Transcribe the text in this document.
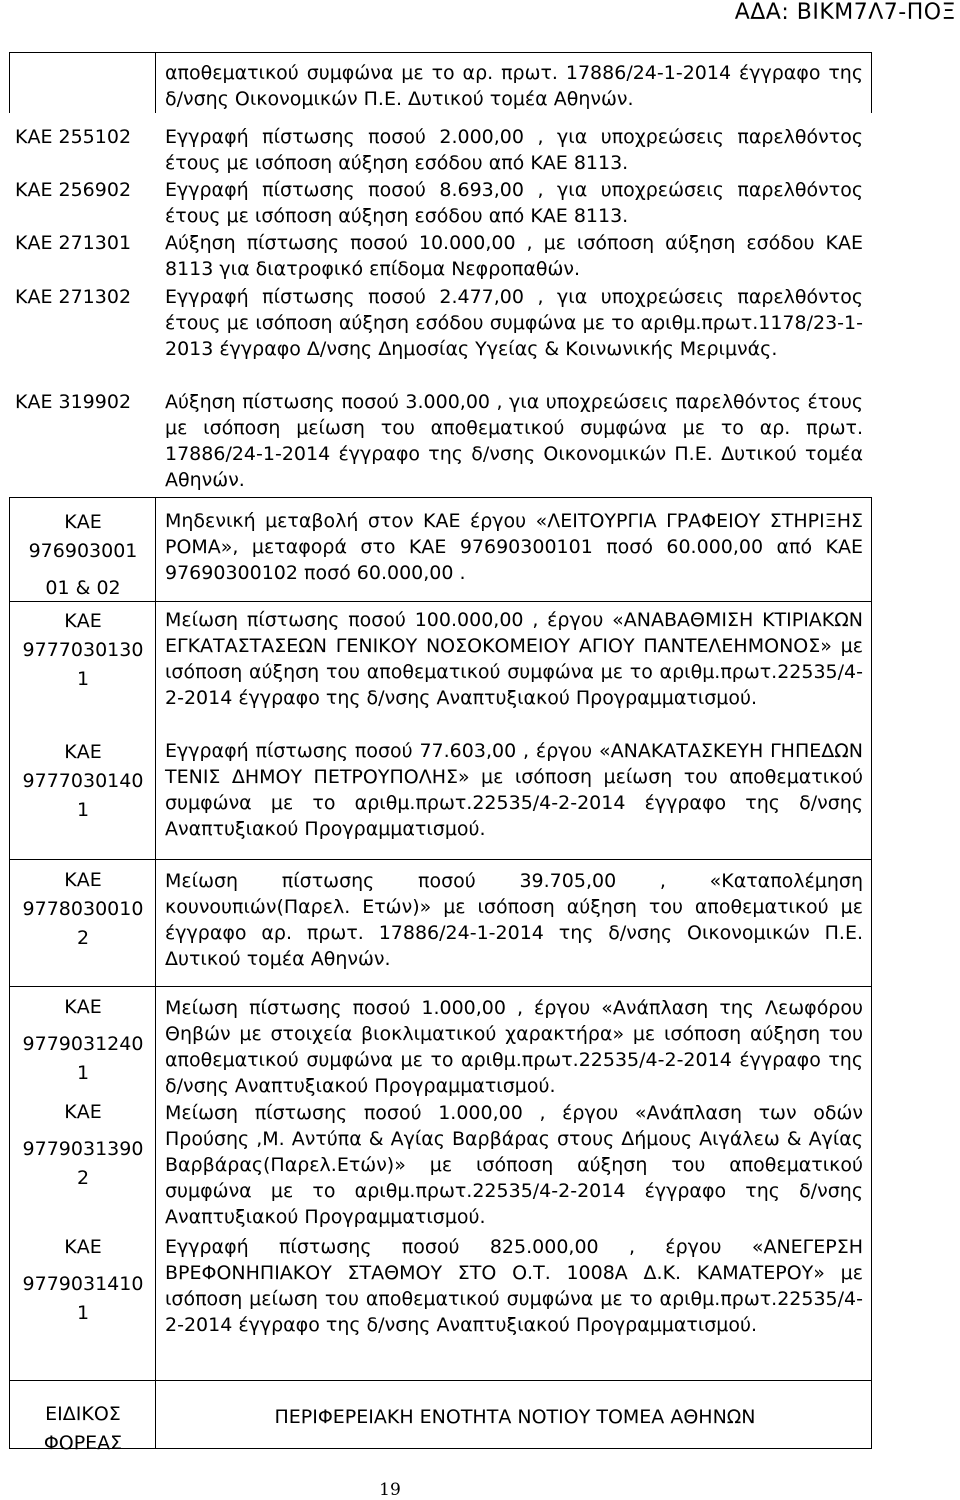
ΑΔΑ: ΒΙΚΜ7Λ7-ΠΟΞ
αποθεματικού συμφώνα με το αρ. πρωτ. 17886/24-1-2014 έγγραφο της δ/νσης Οικονομικών Π.Ε. Δυτικού τομέα Αθηνών.
ΚΑΕ 255102 Εγγραφή πίστωσης ποσού 2.000,00 , για υποχρεώσεις παρελθόντος έτους με ισόποση αύξηση εσόδου από ΚΑΕ 8113.
ΚΑΕ 256902 Εγγραφή πίστωσης ποσού 8.693,00 , για υποχρεώσεις παρελθόντος έτους με ισόποση αύξηση εσόδου από ΚΑΕ 8113.
ΚΑΕ 271301 Αύξηση πίστωσης ποσού 10.000,00 , με ισόποση αύξηση εσόδου ΚΑΕ 8113 για διατροφικό επίδομα Νεφροπαθών.
ΚΑΕ 271302 Εγγραφή πίστωσης ποσού 2.477,00 , για υποχρεώσεις παρελθόντος έτους με ισόποση αύξηση εσόδου συμφώνα με το αριθμ.πρωτ.1178/23-1-2013 έγγραφο Δ/νσης Δημοσίας Υγείας & Κοινωνικής Μεριμνάς.
ΚΑΕ 319902 Αύξηση πίστωσης ποσού 3.000,00 , για υποχρεώσεις παρελθόντος έτους με ισόποση μείωση του αποθεματικού συμφώνα με το αρ. πρωτ. 17886/24-1-2014 έγγραφο της δ/νσης Οικονομικών Π.Ε. Δυτικού τομέα Αθηνών.
ΚΑΕ
976903001
01 & 02
Μηδενική μεταβολή στον ΚΑΕ έργου «ΛΕΙΤΟΥΡΓΙΑ ΓΡΑΦΕΙΟΥ ΣΤΗΡΙΞΗΣ ΡΟΜΑ», μεταφορά στο ΚΑΕ 97690300101 ποσό 60.000,00 από ΚΑΕ 97690300102 ποσό 60.000,00 .
ΚΑΕ
9777030130
1
Μείωση πίστωσης ποσού 100.000,00 , έργου «ΑΝΑΒΑΘΜΙΣΗ ΚΤΙΡΙΑΚΩΝ ΕΓΚΑΤΑΣΤΑΣΕΩΝ ΓΕΝΙΚΟΥ ΝΟΣΟΚΟΜΕΙΟΥ ΑΓΙΟΥ ΠΑΝΤΕΛΕΗΜΟΝΟΣ» με ισόποση αύξηση του αποθεματικού συμφώνα με το αριθμ.πρωτ.22535/4-2-2014 έγγραφο της δ/νσης Αναπτυξιακού Προγραμματισμού.
ΚΑΕ
9777030140
1
Εγγραφή πίστωσης ποσού 77.603,00 , έργου «ΑΝΑΚΑΤΑΣΚΕΥΗ ΓΗΠΕΔΩΝ ΤΕΝΙΣ ΔΗΜΟΥ ΠΕΤΡΟΥΠΟΛΗΣ» με ισόποση μείωση του αποθεματικού συμφώνα με το αριθμ.πρωτ.22535/4-2-2014 έγγραφο της δ/νσης Αναπτυξιακού Προγραμματισμού.
ΚΑΕ
9778030010
2
Μείωση πίστωσης ποσού 39.705,00 , «Καταπολέμηση κουνουπιών(Παρελ. Ετών)» με ισόποση αύξηση του αποθεματικού με έγγραφο αρ. πρωτ. 17886/24-1-2014 της δ/νσης Οικονομικών Π.Ε. Δυτικού τομέα Αθηνών.
ΚΑΕ
9779031240
1
Μείωση πίστωσης ποσού 1.000,00 , έργου «Ανάπλαση της Λεωφόρου Θηβών με στοιχεία βιοκλιματικού χαρακτήρα» με ισόποση αύξηση του αποθεματικού συμφώνα με το αριθμ.πρωτ.22535/4-2-2014 έγγραφο της δ/νσης Αναπτυξιακού Προγραμματισμού.
ΚΑΕ
9779031390
2
Μείωση πίστωσης ποσού 1.000,00 , έργου «Ανάπλαση των οδών Προύσης ,Μ. Αντύπα & Αγίας Βαρβάρας στους Δήμους Αιγάλεω & Αγίας Βαρβάρας(Παρελ.Ετών)» με ισόποση αύξηση του αποθεματικού συμφώνα με το αριθμ.πρωτ.22535/4-2-2014 έγγραφο της δ/νσης Αναπτυξιακού Προγραμματισμού.
ΚΑΕ
9779031410
1
Εγγραφή πίστωσης ποσού 825.000,00 , έργου «ΑΝΕΓΕΡΣΗ ΒΡΕΦΟΝΗΠΙΑΚΟΥ ΣΤΑΘΜΟΥ ΣΤΟ Ο.Τ. 1008Α Δ.Κ. ΚΑΜΑΤΕΡΟΥ» με ισόποση μείωση του αποθεματικού συμφώνα με το αριθμ.πρωτ.22535/4-2-2014 έγγραφο της δ/νσης Αναπτυξιακού Προγραμματισμού.
ΕΙΔΙΚΟΣ
ΦΟΡΕΑΣ
ΠΕΡΙΦΕΡΕΙΑΚΗ ΕΝΟΤΗΤΑ ΝΟΤΙΟΥ ΤΟΜΕΑ ΑΘΗΝΩΝ
19
